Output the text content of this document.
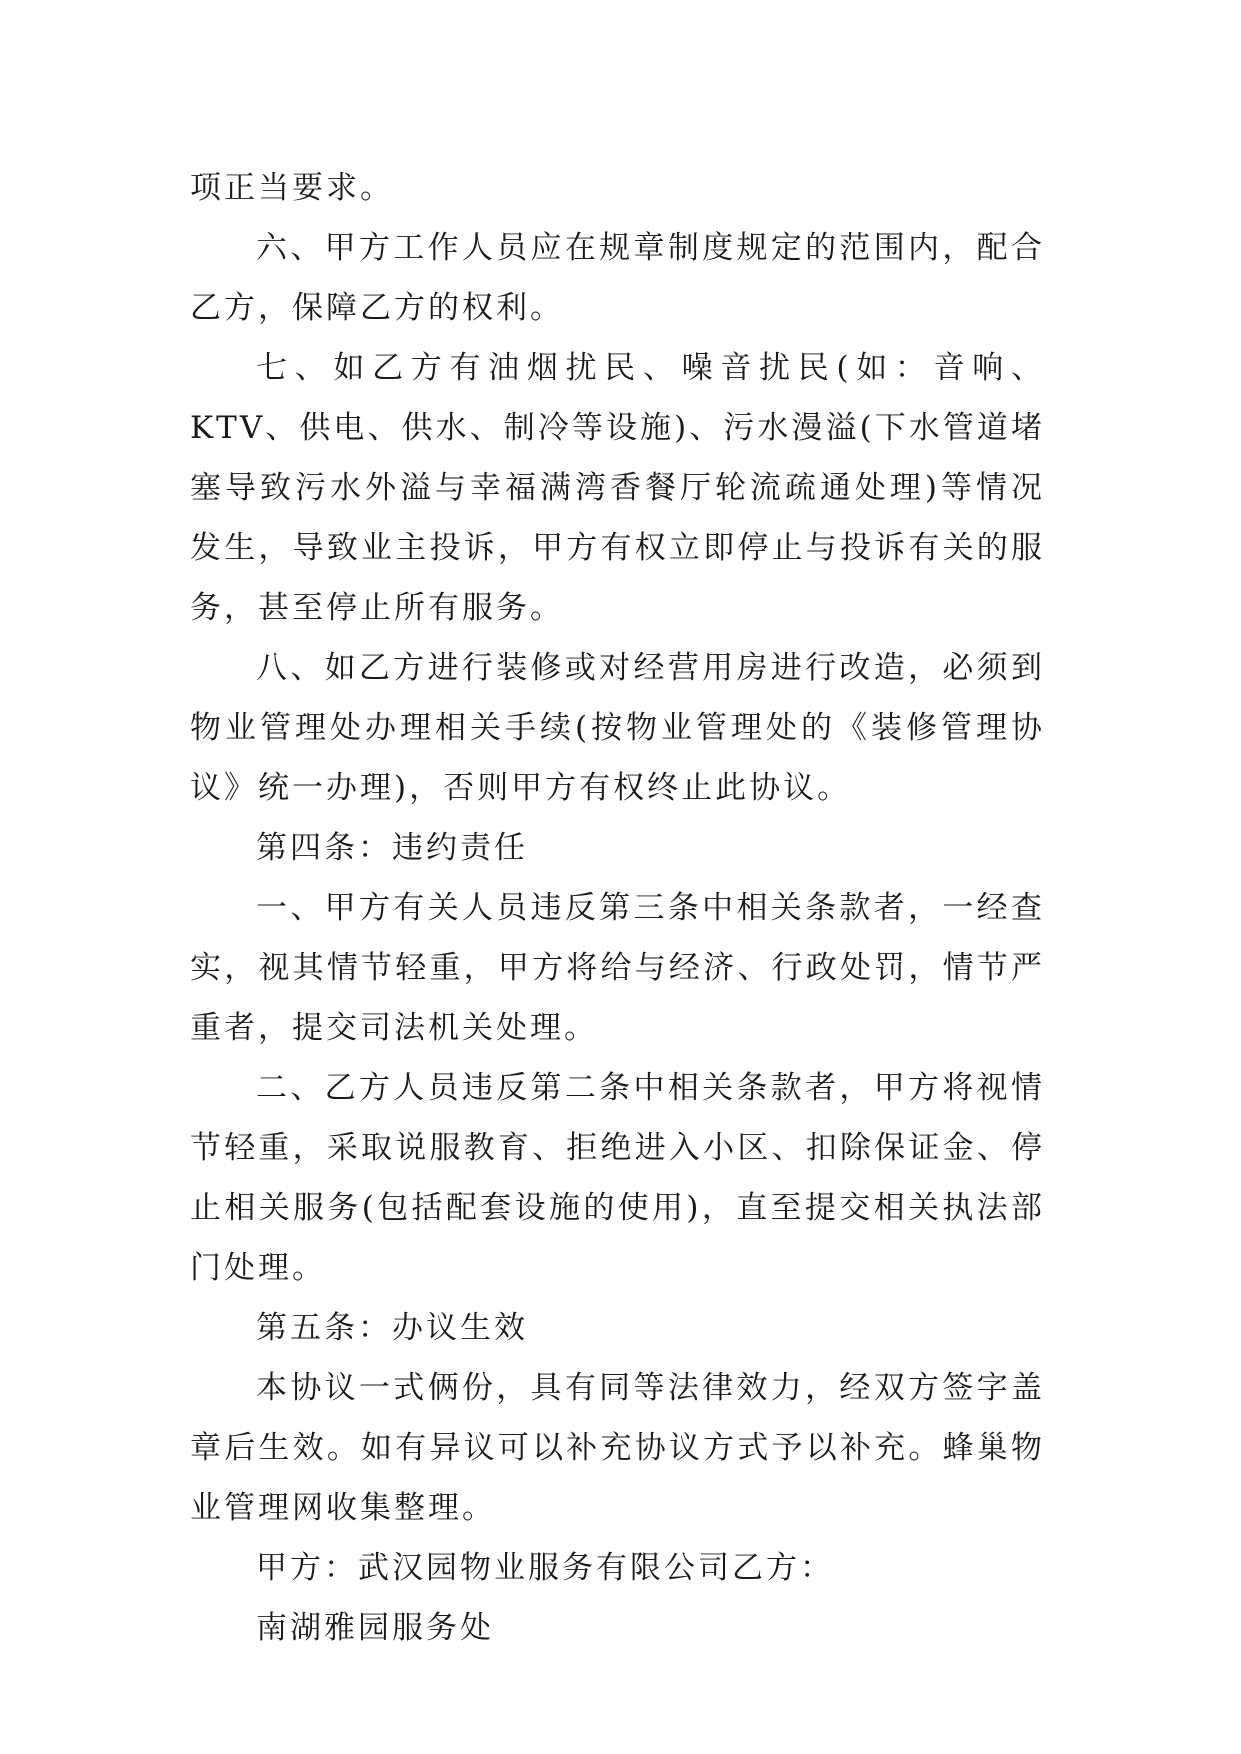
项正当要求。

六、甲方工作人员应在规章制度规定的范围内，配合乙方，保障乙方的权利。

七、如乙方有油烟扰民、噪音扰民(如：音响、KTV、供电、供水、制冷等设施)、污水漫溢(下水管道堵塞导致污水外溢与幸福满湾香餐厅轮流疏通处理)等情况发生，导致业主投诉，甲方有权立即停止与投诉有关的服务，甚至停止所有服务。

八、如乙方进行装修或对经营用房进行改造，必须到物业管理处办理相关手续(按物业管理处的《装修管理协议》统一办理)，否则甲方有权终止此协议。

第四条：违约责任

一、甲方有关人员违反第三条中相关条款者，一经查实，视其情节轻重，甲方将给与经济、行政处罚，情节严重者，提交司法机关处理。

二、乙方人员违反第二条中相关条款者，甲方将视情节轻重，采取说服教育、拒绝进入小区、扣除保证金、停止相关服务(包括配套设施的使用)，直至提交相关执法部门处理。

第五条：办议生效

本协议一式俩份，具有同等法律效力，经双方签字盖章后生效。如有异议可以补充协议方式予以补充。蜂巢物业管理网收集整理。

甲方：武汉园物业服务有限公司乙方：

南湖雅园服务处
